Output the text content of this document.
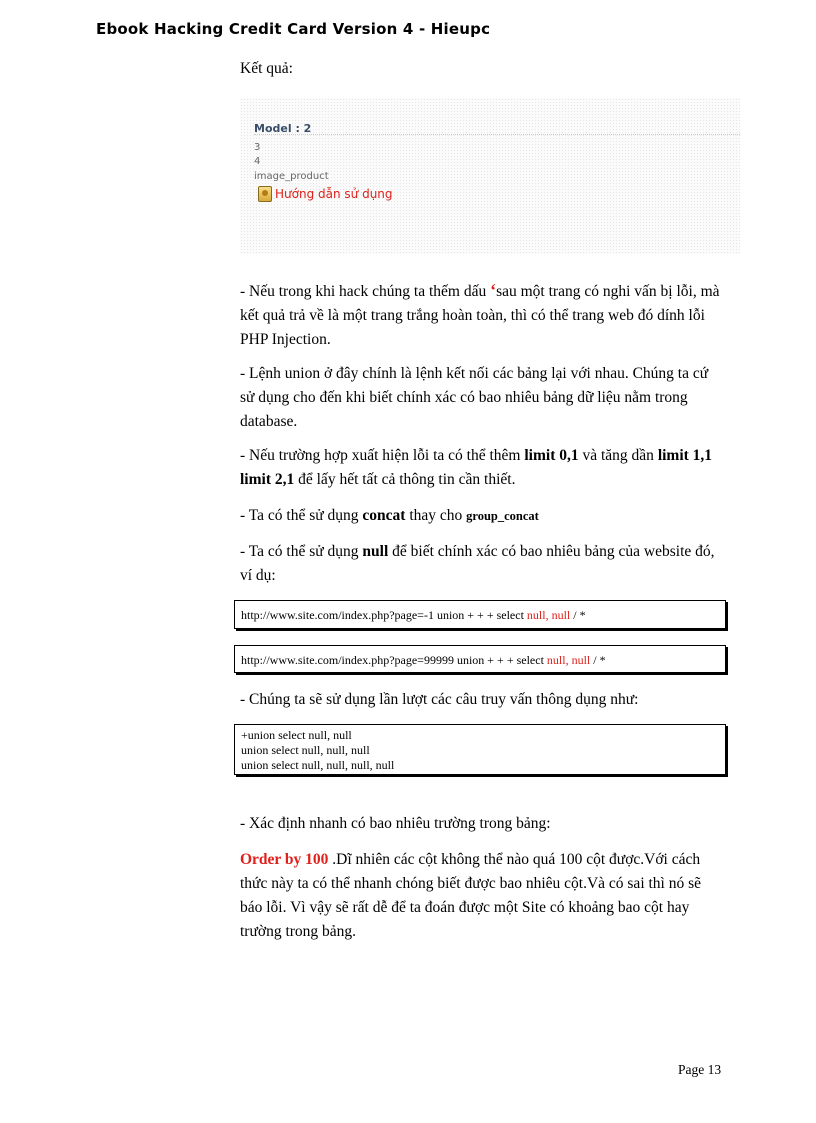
Ebook Hacking Credit Card Version 4 - Hieupc

Kết quả:

Model : 2
3
4
image_product
Hướng dẫn sử dụng
- Nếu trong khi hack chúng ta thếm dấu ‘sau một trang có nghi vấn bị lỗi, mà kết quả trả về là một trang trắng hoàn toàn, thì có thể trang web đó dính lỗi PHP Injection.
- Lệnh union ở đây chính là lệnh kết nối các bảng lại với nhau. Chúng ta cứ sử dụng cho đến khi biết chính xác có bao nhiêu bảng dữ liệu nằm trong database.
- Nếu trường hợp xuất hiện lỗi ta có thể thêm limit 0,1 và tăng dần limit 1,1 limit 2,1 để lấy hết tất cả thông tin cần thiết.
- Ta có thể sử dụng concat thay cho group_concat
- Ta có thể sử dụng null để biết chính xác có bao nhiêu bảng của website đó, ví dụ:
http://www.site.com/index.php?page=-1 union + + + select null, null / *
http://www.site.com/index.php?page=99999 union + + + select null, null / *
- Chúng ta sẽ sử dụng lần lượt các câu truy vấn thông dụng như:
+union select null, null
union select null, null, null
union select null, null, null, null
- Xác định nhanh có bao nhiêu trường trong bảng:
Order by 100 .Dĩ nhiên các cột không thể nào quá 100 cột được.Với cách thức này ta có thể nhanh chóng biết được bao nhiêu cột.Và có sai thì nó sẽ báo lỗi. Vì vậy sẽ rất dễ để ta đoán được một Site có khoảng bao cột hay trường trong bảng.
Page 13
